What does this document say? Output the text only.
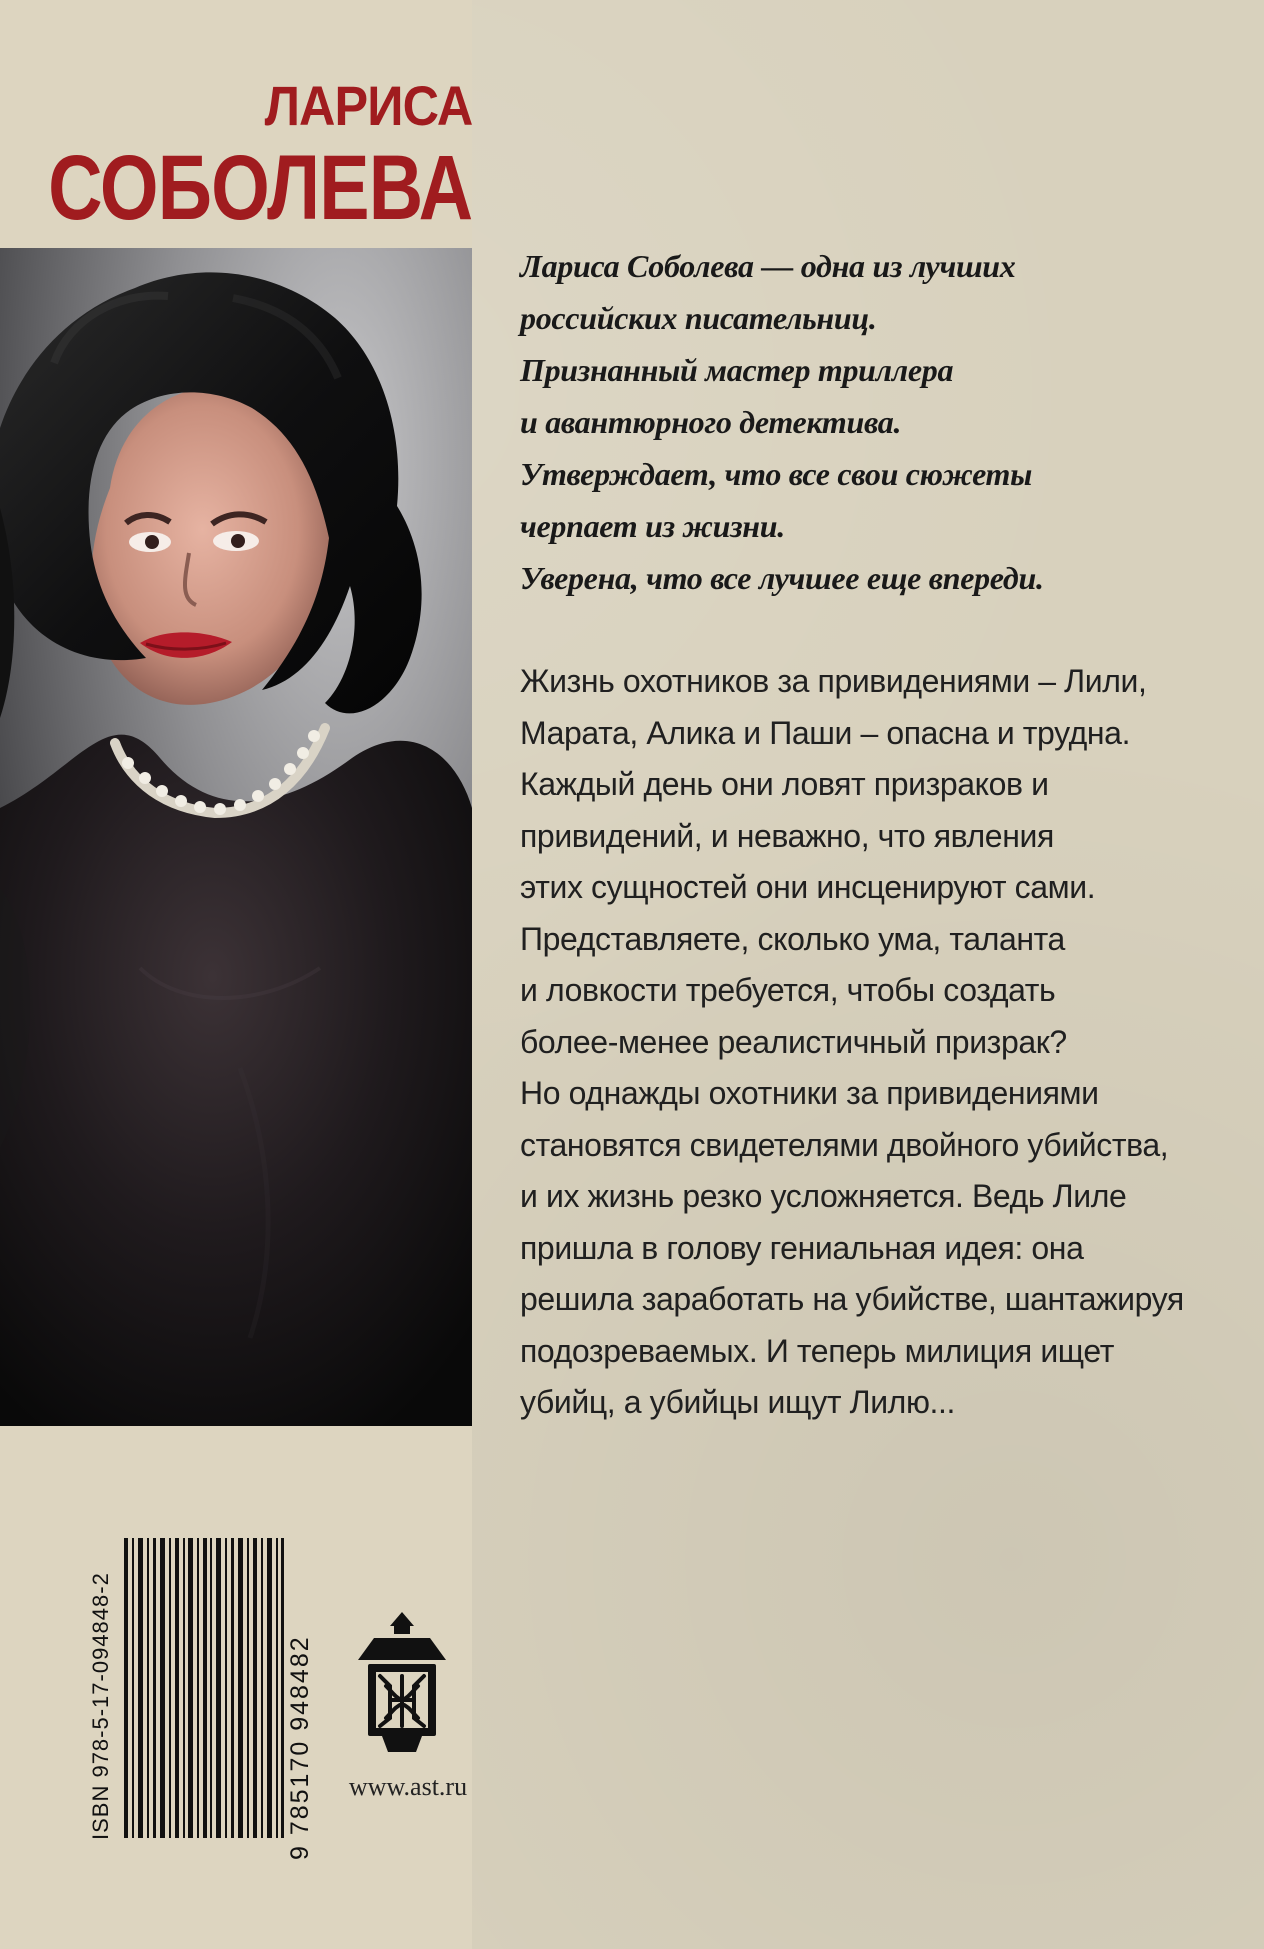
ЛАРИСА
СОБОЛЕВА
ISBN 978-5-17-094848-2	9 785170 948482	www.ast.ru
Лариса Соболева — одна из лучших
российских писательниц.
Признанный мастер триллера
и авантюрного детектива.
Утверждает, что все свои сюжеты
черпает из жизни.
Уверена, что все лучшее еще впереди.
Жизнь охотников за привидениями – Лили,
Марата, Алика и Паши – опасна и трудна.
Каждый день они ловят призраков и
привидений, и неважно, что явления
этих сущностей они инсценируют сами.
Представляете, сколько ума, таланта
и ловкости требуется, чтобы создать
более-менее реалистичный призрак?
Но однажды охотники за привидениями
становятся свидетелями двойного убийства,
и их жизнь резко усложняется. Ведь Лиле
пришла в голову гениальная идея: она
решила заработать на убийстве, шантажируя
подозреваемых. И теперь милиция ищет
убийц, а убийцы ищут Лилю...
